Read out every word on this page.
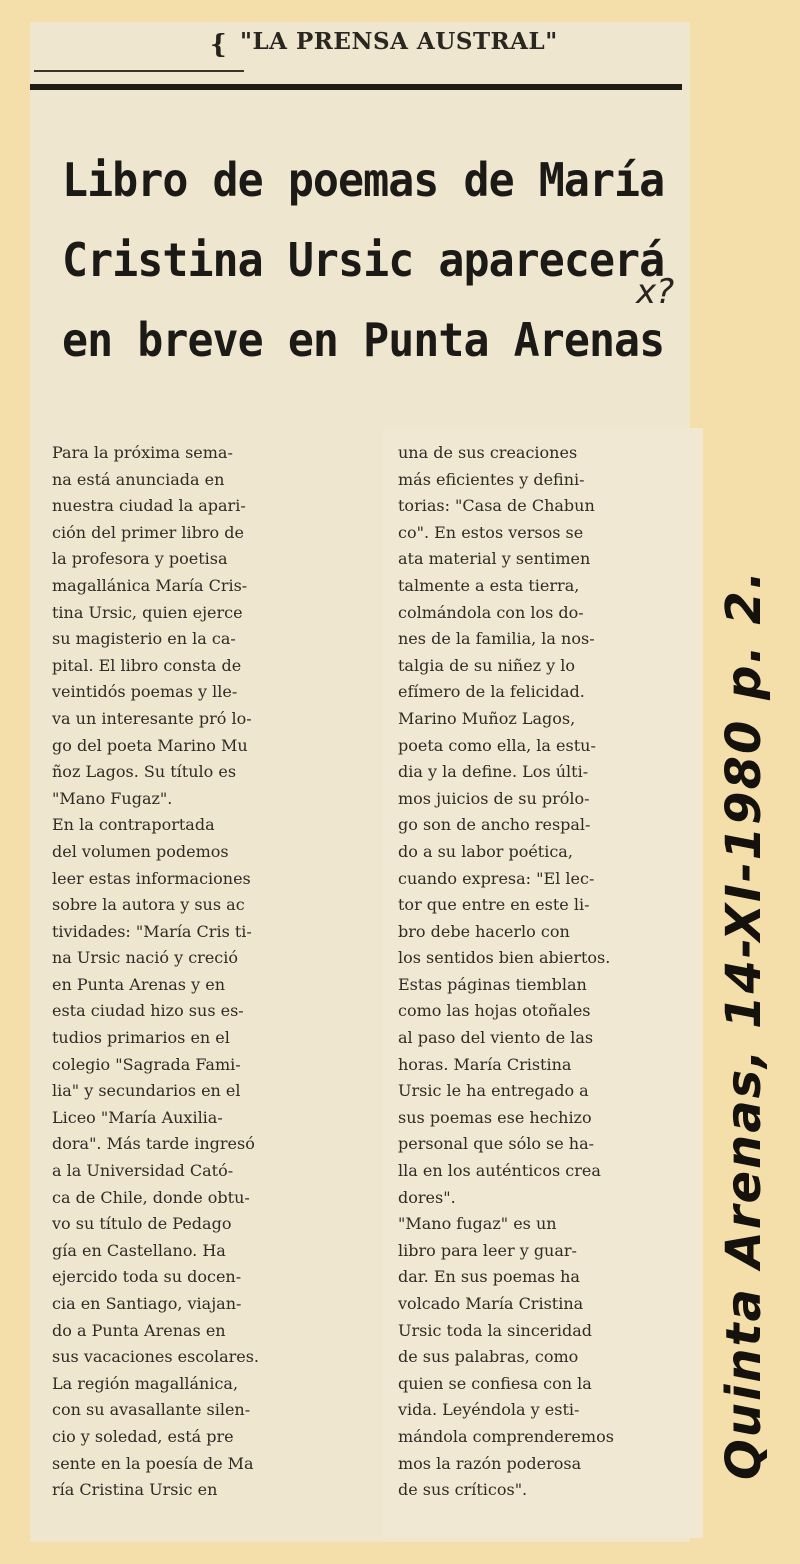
{ "LA PRENSA AUSTRAL"
Libro de poemas de María
Cristina Ursic aparecerá
en breve en Punta Arenas
x?
Para la próxima sema-
na está anunciada en
nuestra ciudad la apari-
ción del primer libro de
la profesora y poetisa
magallánica María Cris-
tina Ursic, quien ejerce
su magisterio en la ca-
pital. El libro consta de
veintidós poemas y lle-
va un interesante pró lo-
go del poeta Marino Mu
ñoz Lagos. Su título es
"Mano Fugaz".
En la contraportada
del volumen podemos
leer estas informaciones
sobre la autora y sus ac
tividades: "María Cris ti-
na Ursic nació y creció
en Punta Arenas y en
esta ciudad hizo sus es-
tudios primarios en el
colegio "Sagrada Fami-
lia" y secundarios en el
Liceo "María Auxilia-
dora". Más tarde ingresó
a la Universidad Cató-
ca de Chile, donde obtu-
vo su título de Pedago
gía en Castellano. Ha
ejercido toda su docen-
cia en Santiago, viajan-
do a Punta Arenas en
sus vacaciones escolares.
La región magallánica,
con su avasallante silen-
cio y soledad, está pre
sente en la poesía de Ma
ría Cristina Ursic en
una de sus creaciones
más eficientes y defini-
torias: "Casa de Chabun
co". En estos versos se
ata material y sentimen
talmente a esta tierra,
colmándola con los do-
nes de la familia, la nos-
talgia de su niñez y lo
efímero de la felicidad.
Marino Muñoz Lagos,
poeta como ella, la estu-
dia y la define. Los últi-
mos juicios de su prólo-
go son de ancho respal-
do a su labor poética,
cuando expresa: "El lec-
tor que entre en este li-
bro debe hacerlo con
los sentidos bien abiertos.
Estas páginas tiemblan
como las hojas otoñales
al paso del viento de las
horas. María Cristina
Ursic le ha entregado a
sus poemas ese hechizo
personal que sólo se ha-
lla en los auténticos crea
dores".
"Mano fugaz" es un
libro para leer y guar-
dar. En sus poemas ha
volcado María Cristina
Ursic toda la sinceridad
de sus palabras, como
quien se confiesa con la
vida. Leyéndola y esti-
mándola comprenderemos
mos la razón poderosa
de sus críticos".
Quinta Arenas, 14-XI-1980 p. 2.
